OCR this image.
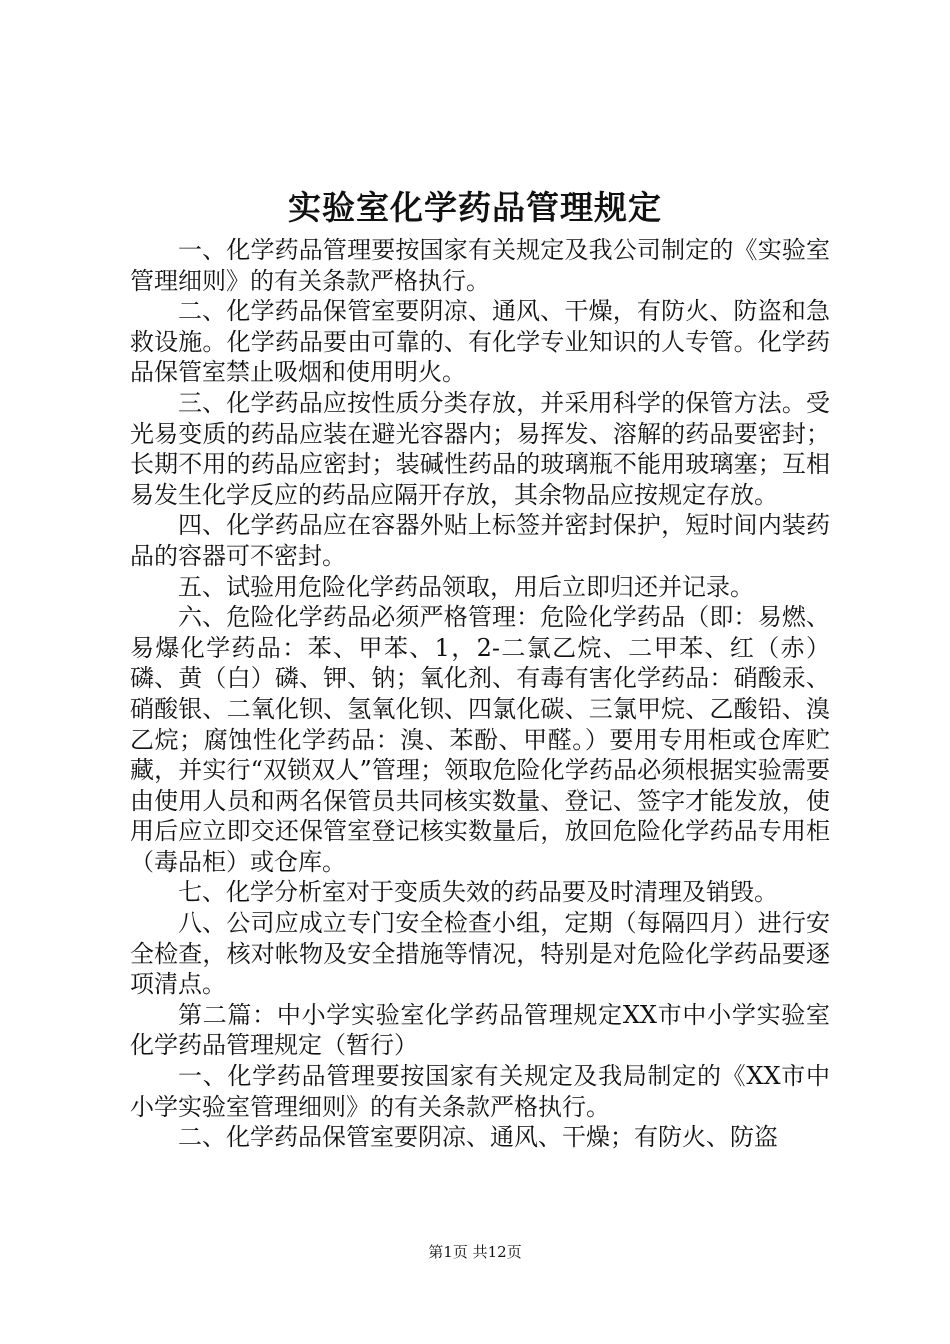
实验室化学药品管理规定

一、化学药品管理要按国家有关规定及我公司制定的《实验室管理细则》的有关条款严格执行。

二、化学药品保管室要阴凉、通风、干燥，有防火、防盗和急救设施。化学药品要由可靠的、有化学专业知识的人专管。化学药品保管室禁止吸烟和使用明火。

三、化学药品应按性质分类存放，并采用科学的保管方法。受光易变质的药品应装在避光容器内；易挥发、溶解的药品要密封；长期不用的药品应密封；装碱性药品的玻璃瓶不能用玻璃塞；互相易发生化学反应的药品应隔开存放，其余物品应按规定存放。

四、化学药品应在容器外贴上标签并密封保护，短时间内装药品的容器可不密封。

五、试验用危险化学药品领取，用后立即归还并记录。

六、危险化学药品必须严格管理：危险化学药品（即：易燃、易爆化学药品：苯、甲苯、1，2-二氯乙烷、二甲苯、红（赤）磷、黄（白）磷、钾、钠；氧化剂、有毒有害化学药品：硝酸汞、硝酸银、二氧化钡、氢氧化钡、四氯化碳、三氯甲烷、乙酸铅、溴乙烷；腐蚀性化学药品：溴、苯酚、甲醛。）要用专用柜或仓库贮藏，并实行“双锁双人”管理；领取危险化学药品必须根据实验需要由使用人员和两名保管员共同核实数量、登记、签字才能发放，使用后应立即交还保管室登记核实数量后，放回危险化学药品专用柜（毒品柜）或仓库。

七、化学分析室对于变质失效的药品要及时清理及销毁。

八、公司应成立专门安全检查小组，定期（每隔四月）进行安全检查，核对帐物及安全措施等情况，特别是对危险化学药品要逐项清点。

第二篇：中小学实验室化学药品管理规定XX市中小学实验室化学药品管理规定（暂行）

一、化学药品管理要按国家有关规定及我局制定的《XX市中小学实验室管理细则》的有关条款严格执行。

二、化学药品保管室要阴凉、通风、干燥；有防火、防盗

第1页 共12页
